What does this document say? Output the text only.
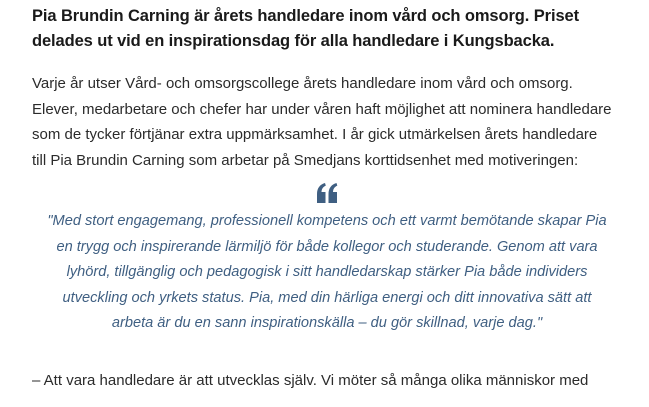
Pia Brundin Carning är årets handledare inom vård och omsorg. Priset
delades ut vid en inspirationsdag för alla handledare i Kungsbacka.

Varje år utser Vård- och omsorgscollege årets handledare inom vård och omsorg.
Elever, medarbetare och chefer har under våren haft möjlighet att nominera handledare
som de tycker förtjänar extra uppmärksamhet. I år gick utmärkelsen årets handledare
till Pia Brundin Carning som arbetar på Smedjans korttidsenhet med motiveringen:

"Med stort engagemang, professionell kompetens och ett varmt bemötande skapar Pia
en trygg och inspirerande lärmiljö för både kollegor och studerande. Genom att vara
lyhörd, tillgänglig och pedagogisk i sitt handledarskap stärker Pia både individers
utveckling och yrkets status. Pia, med din härliga energi och ditt innovativa sätt att
arbeta är du en sann inspirationskälla – du gör skillnad, varje dag."

– Att vara handledare är att utvecklas själv. Vi möter så många olika människor med
